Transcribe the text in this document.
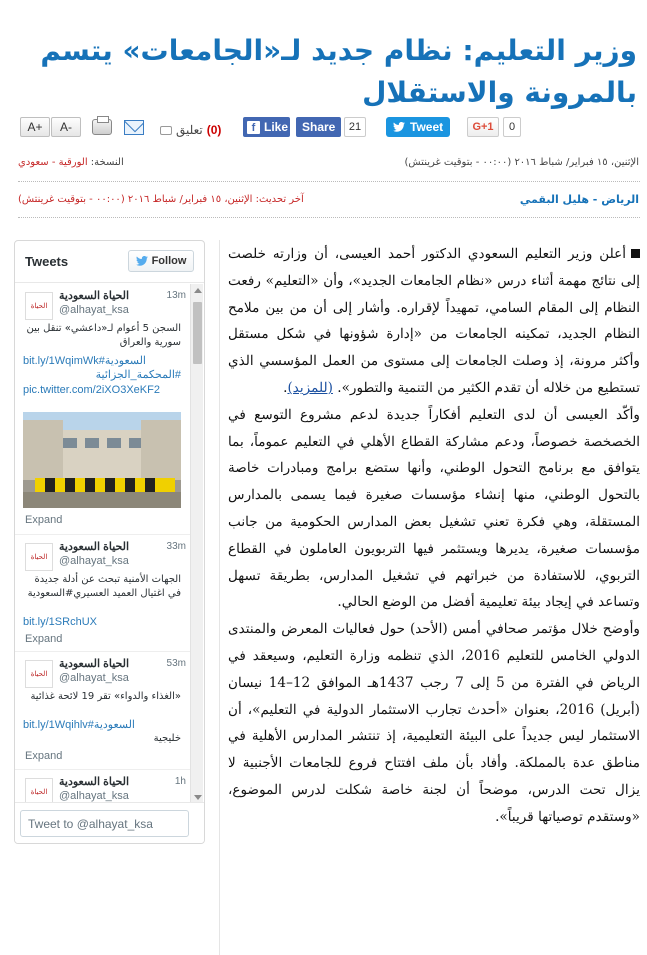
وزير التعليم: نظام جديد لـ«الجامعات» يتسم بالمرونة والاستقلال
A+	A-	(0)
تعليق	f Like	Share	21	Tweet	G+1	0
الإثنين، ١٥ فبراير/ شباط ٢٠١٦ (٠٠:٠٠ - بتوقيت غرينتش)
النسخة: الورقية - سعودي
الرياض - هليل البقمي
آخر تحديث: الإثنين، ١٥ فبراير/ شباط ٢٠١٦ (٠٠:٠٠ - بتوقيت غرينتش)
Tweets	Follow
الحياة
الحياة السعودية
@alhayat_ksa
13m
السجن 5 أعوام لـ«داعشي» تنقل بين سورية والعراق
bit.ly/1WqimWk#السعودية
#المحكمة_الجزائية
pic.twitter.com/2iXO3XeKF2
Expand
الحياة
الحياة السعودية
@alhayat_ksa
33m
الجهات الأمنية تبحث عن أدلة جديدة في اغتيال العميد العسيري#السعودية
bit.ly/1SRchUX
Expand
الحياة
الحياة السعودية
@alhayat_ksa
53m
«الغذاء والدواء» تقر 19 لائحة غذائية
bit.ly/1Wqihlv#السعودية
خليجية
Expand
الحياة
الحياة السعودية
@alhayat_ksa
1h
Tweet to @alhayat_ksa

أعلن وزير التعليم السعودي الدكتور أحمد العيسى، أن وزارته خلصت إلى نتائج مهمة أثناء درس «نظام الجامعات الجديد»، وأن «التعليم» رفعت النظام إلى المقام السامي، تمهيداً لإقراره. وأشار إلى أن من بين ملامح النظام الجديد، تمكينه الجامعات من «إدارة شؤونها في شكل مستقل وأكثر مرونة، إذ وصلت الجامعات إلى مستوى من العمل المؤسسي الذي تستطيع من خلاله أن تقدم الكثير من التنمية والتطور». (للمزيد).

وأكّد العيسى أن لدى التعليم أفكاراً جديدة لدعم مشروع التوسع في الخصخصة خصوصاً، ودعم مشاركة القطاع الأهلي في التعليم عموماً، بما يتوافق مع برنامج التحول الوطني، وأنها ستضع برامج ومبادرات خاصة بالتحول الوطني، منها إنشاء مؤسسات صغيرة فيما يسمى بالمدارس المستقلة، وهي فكرة تعني تشغيل بعض المدارس الحكومية من جانب مؤسسات صغيرة، يديرها ويستثمر فيها التربويون العاملون في القطاع التربوي، للاستفادة من خبراتهم في تشغيل المدارس، بطريقة تسهل وتساعد في إيجاد بيئة تعليمية أفضل من الوضع الحالي.

وأوضح خلال مؤتمر صحافي أمس (الأحد) حول فعاليات المعرض والمنتدى الدولي الخامس للتعليم 2016، الذي تنظمه وزارة التعليم، وسيعقد في الرياض في الفترة من 5 إلى 7 رجب 1437هـ الموافق 12–14 نيسان (أبريل) 2016، بعنوان «أحدث تجارب الاستثمار الدولية في التعليم»، أن الاستثمار ليس جديداً على البيئة التعليمية، إذ تنتشر المدارس الأهلية في مناطق عدة بالمملكة. وأفاد بأن ملف افتتاح فروع للجامعات الأجنبية لا يزال تحت الدرس، موضحاً أن لجنة خاصة شكلت لدرس الموضوع، «وستقدم توصياتها قريباً».
